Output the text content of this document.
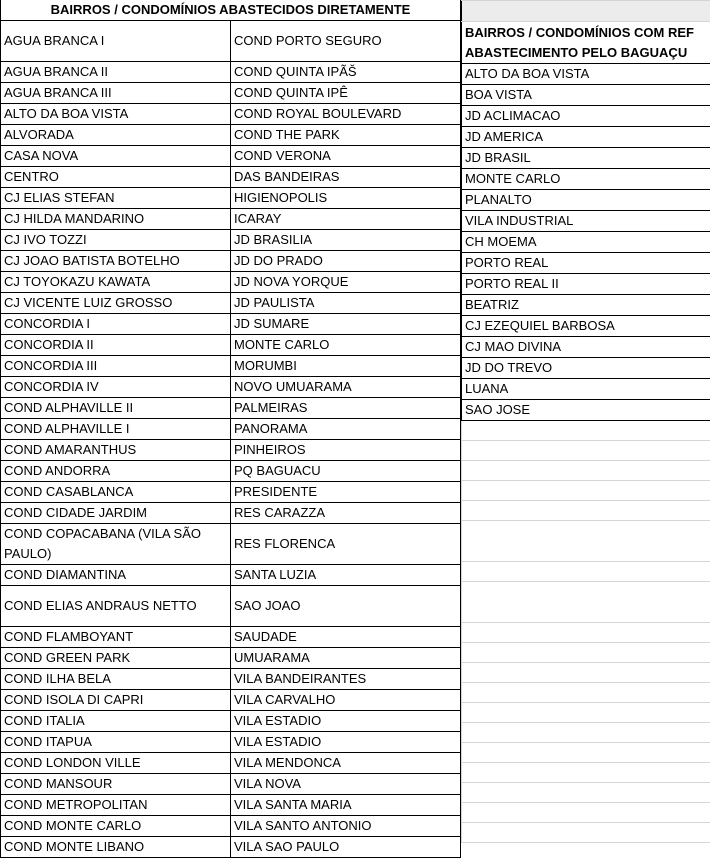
BAIRROS / CONDOMÍNIOS ABASTECIDOS DIRETAMENTE	
AGUA BRANCA I	COND PORTO SEGURO
AGUA BRANCA II	COND QUINTA IPÃŠ
AGUA BRANCA III	COND QUINTA IPÊ
ALTO DA BOA VISTA	COND ROYAL BOULEVARD
ALVORADA	COND THE PARK
CASA NOVA	COND VERONA
CENTRO	DAS BANDEIRAS
CJ ELIAS STEFAN	HIGIENOPOLIS
CJ HILDA MANDARINO	ICARAY
CJ IVO TOZZI	JD BRASILIA
CJ JOAO BATISTA BOTELHO	JD DO PRADO
CJ TOYOKAZU KAWATA	JD NOVA YORQUE
CJ VICENTE LUIZ GROSSO	JD PAULISTA
CONCORDIA I	JD SUMARE
CONCORDIA II	MONTE CARLO
CONCORDIA III	MORUMBI
CONCORDIA IV	NOVO UMUARAMA
COND ALPHAVILLE II	PALMEIRAS
COND ALPHAVILLE I	PANORAMA
COND AMARANTHUS	PINHEIROS
COND ANDORRA	PQ BAGUACU
COND CASABLANCA	PRESIDENTE
COND CIDADE JARDIM	RES CARAZZA
COND COPACABANA (VILA SÃO PAULO)	RES FLORENCA
COND DIAMANTINA	SANTA LUZIA
COND ELIAS ANDRAUS NETTO	SAO JOAO
COND FLAMBOYANT	SAUDADE
COND GREEN PARK	UMUARAMA
COND ILHA BELA	VILA BANDEIRANTES
COND ISOLA DI CAPRI	VILA CARVALHO
COND ITALIA	VILA ESTADIO
COND ITAPUA	VILA ESTADIO
COND LONDON VILLE	VILA MENDONCA
COND MANSOUR	VILA NOVA
COND METROPOLITAN	VILA SANTA MARIA
COND MONTE CARLO	VILA SANTO ANTONIO
COND MONTE LIBANO	VILA SAO PAULO

BAIRROS / CONDOMÍNIOS COM REF ABASTECIMENTO PELO BAGUAÇU
ALTO DA BOA VISTA
BOA VISTA
JD ACLIMACAO
JD AMERICA
JD BRASIL
MONTE CARLO
PLANALTO
VILA INDUSTRIAL
CH MOEMA
PORTO REAL
PORTO REAL II
BEATRIZ
CJ EZEQUIEL BARBOSA
CJ MAO DIVINA
JD DO TREVO
LUANA
SAO JOSE
